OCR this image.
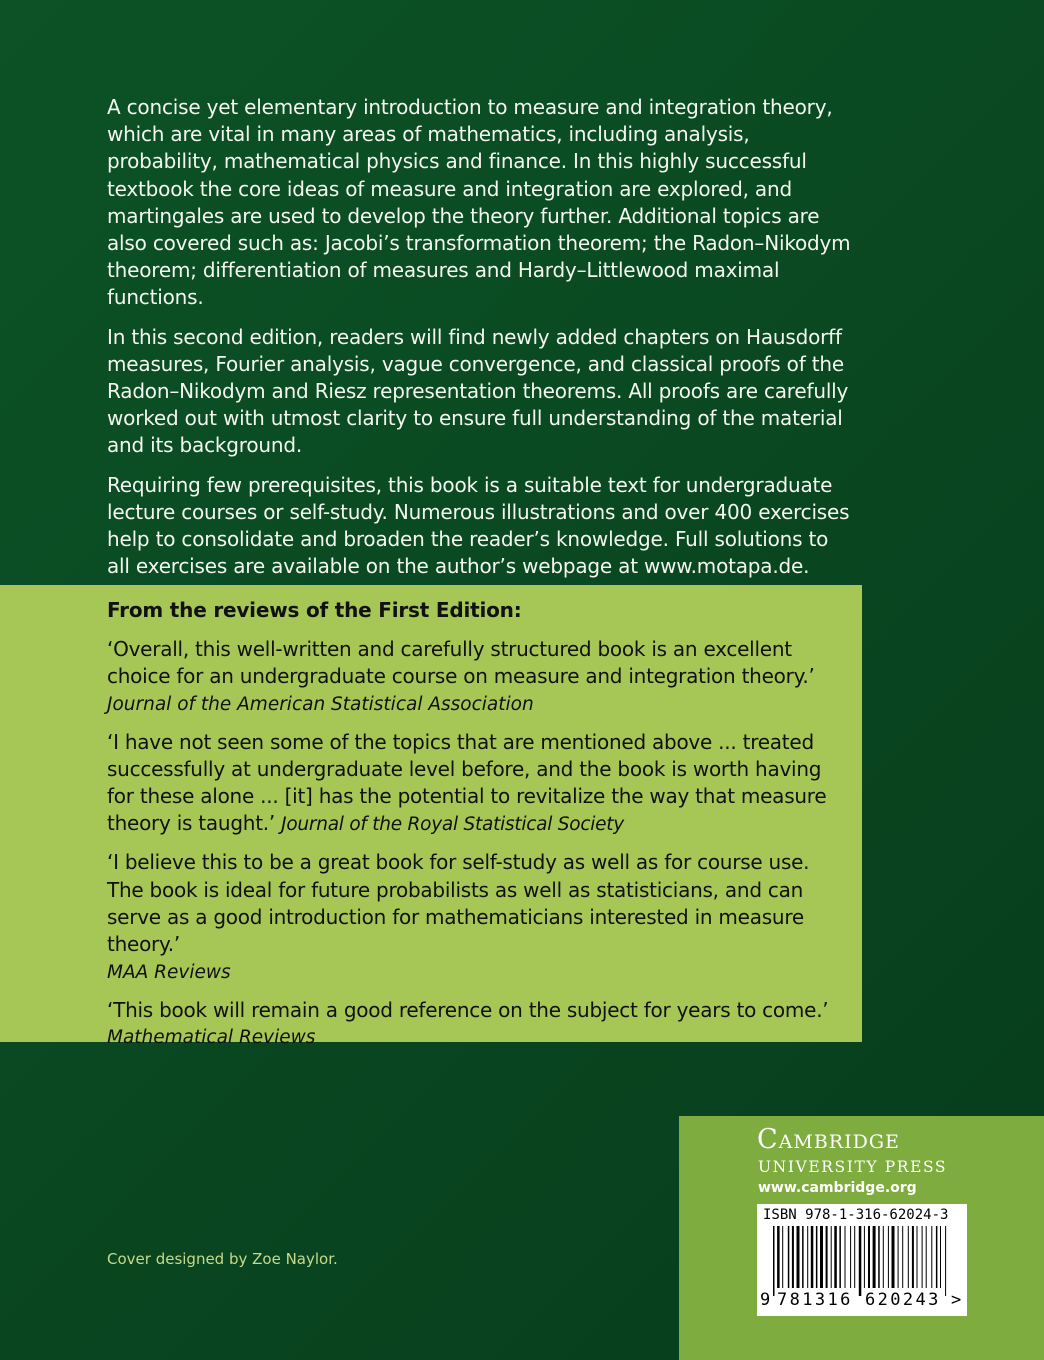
A concise yet elementary introduction to measure and integration theory, which are vital in many areas of mathematics, including analysis, probability, mathematical physics and finance. In this highly successful textbook the core ideas of measure and integration are explored, and martingales are used to develop the theory further. Additional topics are also covered such as: Jacobi’s transformation theorem; the Radon–Nikodym theorem; differentiation of measures and Hardy–Littlewood maximal functions.

In this second edition, readers will find newly added chapters on Hausdorff measures, Fourier analysis, vague convergence, and classical proofs of the Radon–Nikodym and Riesz representation theorems. All proofs are carefully worked out with utmost clarity to ensure full understanding of the material and its background.

Requiring few prerequisites, this book is a suitable text for undergraduate lecture courses or self-study. Numerous illustrations and over 400 exercises help to consolidate and broaden the reader’s knowledge. Full solutions to all exercises are available on the author’s webpage at www.motapa.de.

From the reviews of the First Edition:
‘Overall, this well-written and carefully structured book is an excellent choice for an undergraduate course on measure and integration theory.’
Journal of the American Statistical Association
‘I have not seen some of the topics that are mentioned above ... treated successfully at undergraduate level before, and the book is worth having for these alone ... [it] has the potential to revitalize the way that measure theory is taught.’ Journal of the Royal Statistical Society
‘I believe this to be a great book for self-study as well as for course use. The book is ideal for future probabilists as well as statisticians, and can serve as a good introduction for mathematicians interested in measure theory.’
MAA Reviews
‘This book will remain a good reference on the subject for years to come.’
Mathematical Reviews
Cover designed by Zoe Naylor.
Cambridge
UNIVERSITY PRESS
www.cambridge.org
ISBN 978-1-316-62024-3
9 781316 620243 >
